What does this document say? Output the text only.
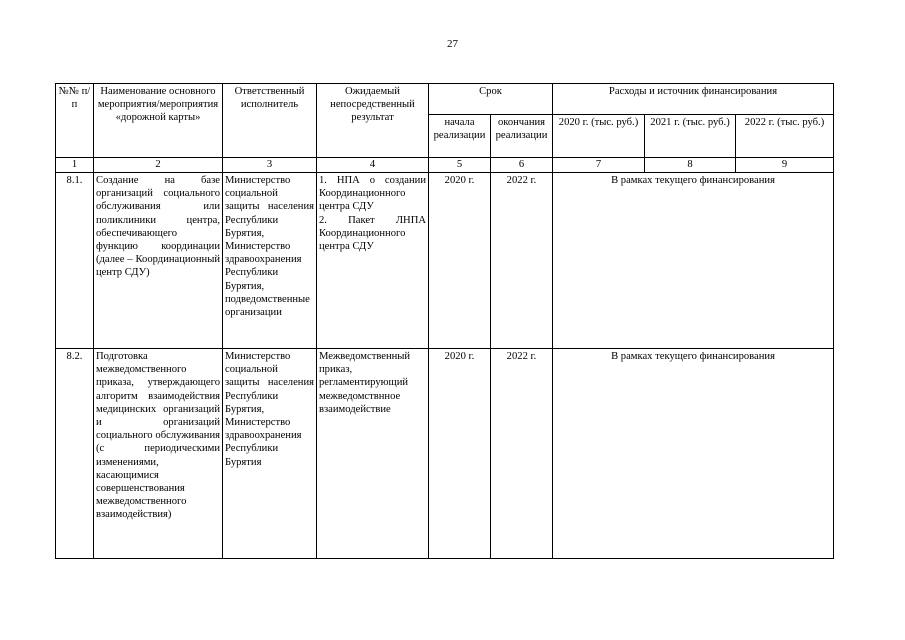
27
№№ п/п	Наименование основного мероприятия/мероприятия «дорожной карты»	Ответственный исполнитель	Ожидаемый непосредственный результат	Срок		Расходы и источник финансирования		
				начала реализации	окончания реализации	2020 г. (тыс. руб.)	2021 г. (тыс. руб.)	2022 г. (тыс. руб.)
1	2	3	4	5	6	7	8	9
8.1.	Создание на базе организаций социального обслуживания или поликлиники центра, обеспечивающего функцию координации (далее – Координационный центр СДУ)	Министерство социальной защиты населения Республики Бурятия, Министерство здравоохранения Республики Бурятия, подведомственные организации	1. НПА о создании Координационного центра СДУ
2. Пакет ЛНПА Координационного центра СДУ	2020 г.	2022 г.	В рамках текущего финансирования		
8.2.	Подготовка межведомственного приказа, утверждающего алгоритм взаимодействия медицинских организаций и организаций социального обслуживания (с периодическими изменениями, касающимися совершенствования межведомственного взаимодействия)	Министерство социальной защиты населения Республики Бурятия, Министерство здравоохранения Республики Бурятия	Межведомственный приказ, регламентирующий межведомствнное взаимодействие	2020 г.	2022 г.	В рамках текущего финансирования		
